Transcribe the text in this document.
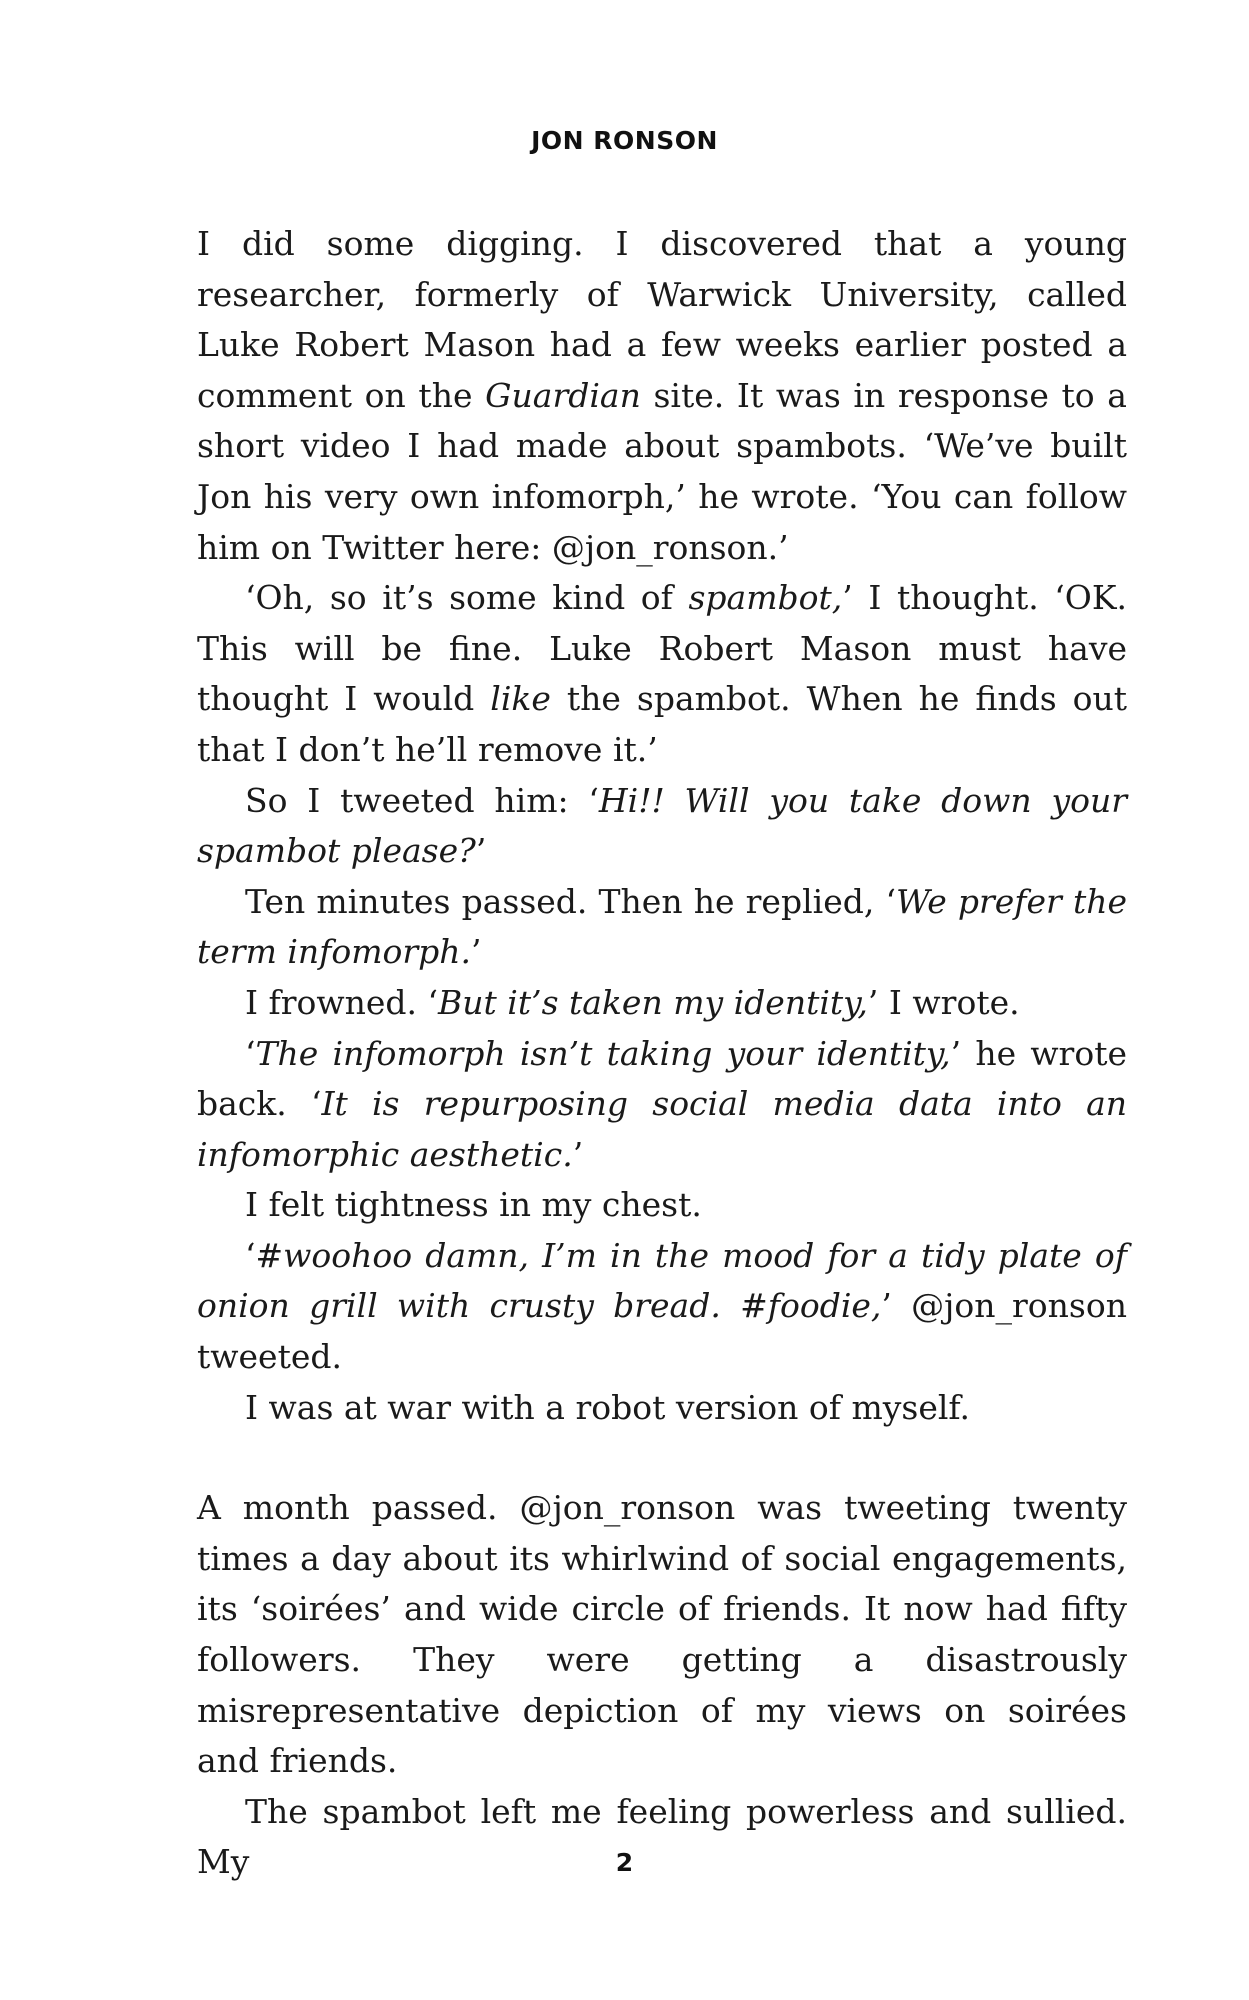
JON RONSON

I did some digging. I discovered that a young researcher, formerly of Warwick University, called Luke Robert Mason had a few weeks earlier posted a comment on the Guardian site. It was in response to a short video I had made about spambots. ‘We’ve built Jon his very own infomorph,’ he wrote. ‘You can follow him on Twitter here: @jon_ronson.’

‘Oh, so it’s some kind of spambot,’ I thought. ‘OK. This will be fine. Luke Robert Mason must have thought I would like the spambot. When he finds out that I don’t he’ll remove it.’

So I tweeted him: ‘Hi!! Will you take down your spambot please?’

Ten minutes passed. Then he replied, ‘We prefer the term infomorph.’

I frowned. ‘But it’s taken my identity,’ I wrote.

‘The infomorph isn’t taking your identity,’ he wrote back. ‘It is repurposing social media data into an infomorphic aesthetic.’

I felt tightness in my chest.

‘#woohoo damn, I’m in the mood for a tidy plate of onion grill with crusty bread. #foodie,’ @jon_ronson tweeted.

I was at war with a robot version of myself.

A month passed. @jon_ronson was tweeting twenty times a day about its whirlwind of social engagements, its ‘soirées’ and wide circle of friends. It now had fifty followers. They were getting a disastrously misrepresentative depiction of my views on soirées and friends.

The spambot left me feeling powerless and sullied. My	2
